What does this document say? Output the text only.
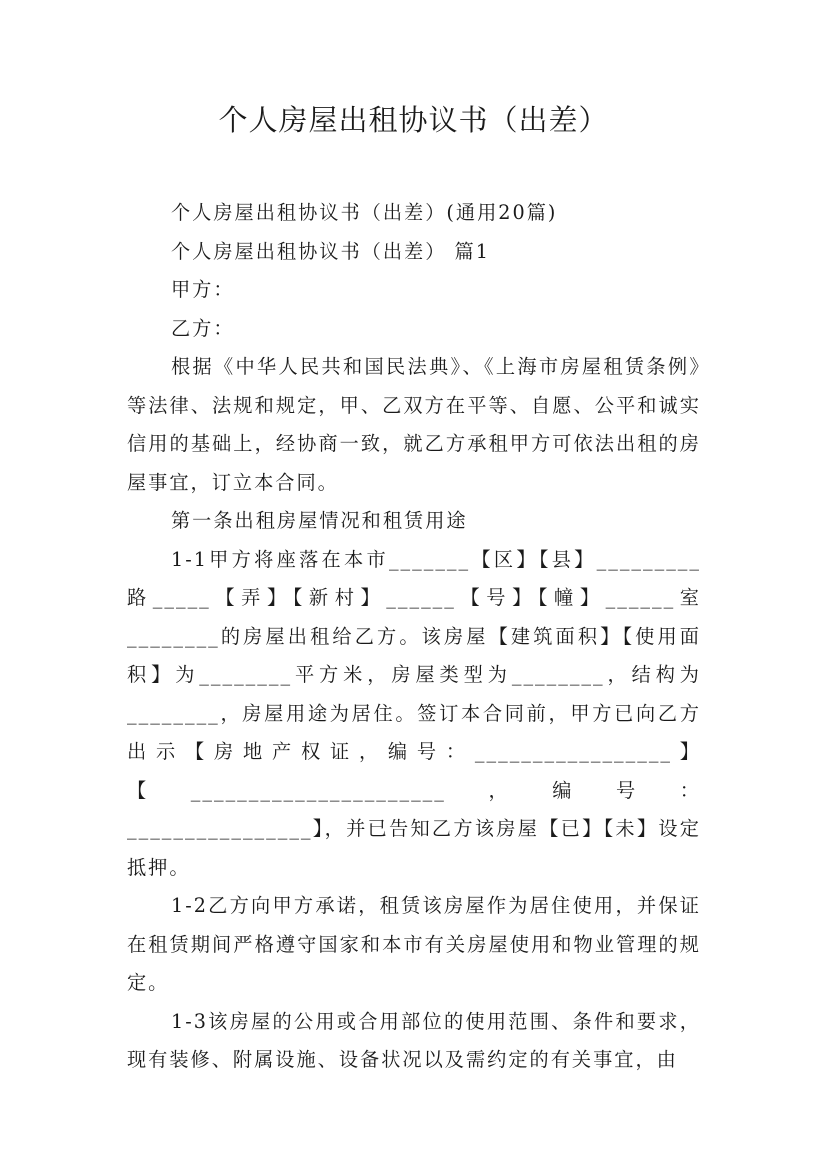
个人房屋出租协议书（出差）

个人房屋出租协议书（出差）(通用20篇)

个人房屋出租协议书（出差） 篇1

甲方：

乙方：

根据《中华人民共和国民法典》、《上海市房屋租赁条例》等法律、法规和规定，甲、乙双方在平等、自愿、公平和诚实信用的基础上，经协商一致，就乙方承租甲方可依法出租的房屋事宜，订立本合同。

第一条出租房屋情况和租赁用途

1-1甲方将座落在本市_______【区】【县】_________路_____【弄】【新村】______【号】【幢】______室________的房屋出租给乙方。该房屋【建筑面积】【使用面积】为________平方米，房屋类型为________，结构为________，房屋用途为居住。签订本合同前，甲方已向乙方出示【房地产权证，编号：_________________】【______________________，编号：________________】，并已告知乙方该房屋【已】【未】设定抵押。

1-2乙方向甲方承诺，租赁该房屋作为居住使用，并保证在租赁期间严格遵守国家和本市有关房屋使用和物业管理的规定。

1-3该房屋的公用或合用部位的使用范围、条件和要求，现有装修、附属设施、设备状况以及需约定的有关事宜，由
